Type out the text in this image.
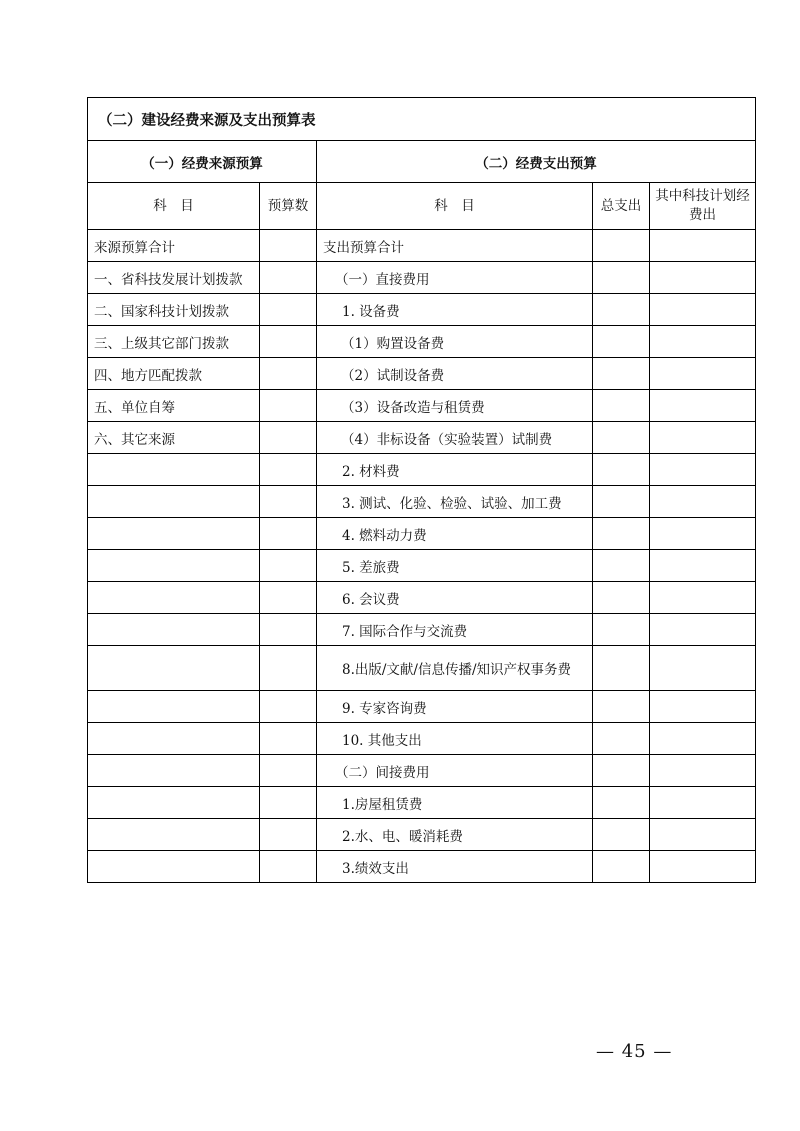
（二）建设经费来源及支出预算表				
（一）经费来源预算		（二）经费支出预算		
科　目	预算数	科　目	总支出	其中科技计划经费出
来源预算合计		支出预算合计		
一、省科技发展计划拨款		（一）直接费用		
二、国家科技计划拨款		1. 设备费		
三、上级其它部门拨款		（1）购置设备费		
四、地方匹配拨款		（2）试制设备费		
五、单位自筹		（3）设备改造与租赁费		
六、其它来源		（4）非标设备（实验装置）试制费		
		2. 材料费		
		3. 测试、化验、检验、试验、加工费		
		4. 燃料动力费		
		5. 差旅费		
		6. 会议费		
		7. 国际合作与交流费		
		8.出版/文献/信息传播/知识产权事务费		
		9. 专家咨询费		
		10. 其他支出		
		（二）间接费用		
		1.房屋租赁费		
		2.水、电、暖消耗费		
		3.绩效支出		
— 45 —
